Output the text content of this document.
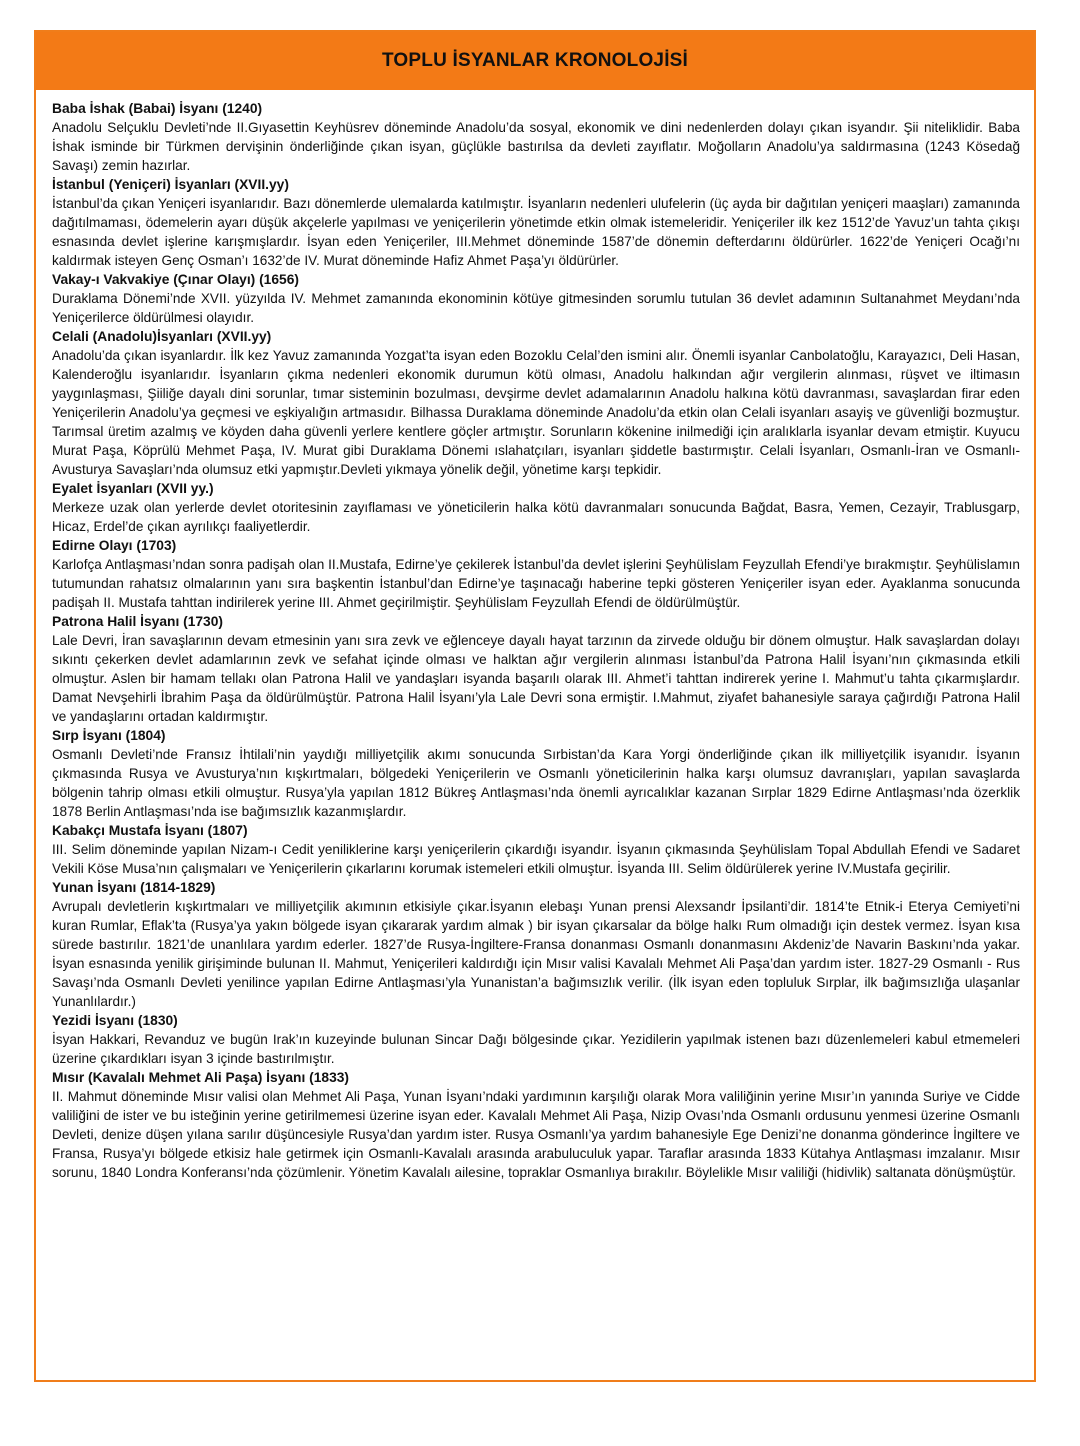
TOPLU İSYANLAR KRONOLOJİSİ
Baba İshak (Babai) İsyanı (1240)

Anadolu Selçuklu Devleti’nde II.Gıyasettin Keyhüsrev döneminde Anadolu’da sosyal, ekonomik ve dini nedenlerden dolayı çıkan isyandır. Şii niteliklidir. Baba İshak isminde bir Türkmen dervişinin önderliğinde çıkan isyan, güçlükle bastırılsa da devleti zayıflatır. Moğolların Anadolu’ya saldırmasına (1243 Kösedağ Savaşı) zemin hazırlar.

İstanbul (Yeniçeri) İsyanları (XVII.yy)

İstanbul’da çıkan Yeniçeri isyanlarıdır. Bazı dönemlerde ulemalarda katılmıştır. İsyanların nedenleri ulufelerin (üç ayda bir dağıtılan yeniçeri maaşları) zamanında dağıtılmaması, ödemelerin ayarı düşük akçelerle yapılması ve yeniçerilerin yönetimde etkin olmak istemeleridir. Yeniçeriler ilk kez 1512’de Yavuz’un tahta çıkışı esnasında devlet işlerine karışmışlardır. İsyan eden Yeniçeriler, III.Mehmet döneminde 1587’de dönemin defterdarını öldürürler. 1622’de Yeniçeri Ocağı’nı kaldırmak isteyen Genç Osman’ı 1632’de IV. Murat döneminde Hafiz Ahmet Paşa’yı öldürürler.

Vakay-ı Vakvakiye (Çınar Olayı) (1656)

Duraklama Dönemi’nde XVII. yüzyılda IV. Mehmet zamanında ekonominin kötüye gitmesinden sorumlu tutulan 36 devlet adamının Sultanahmet Meydanı’nda Yeniçerilerce öldürülmesi olayıdır.

Celali (Anadolu)İsyanları (XVII.yy)

Anadolu’da çıkan isyanlardır. İlk kez Yavuz zamanında Yozgat’ta isyan eden Bozoklu Celal’den ismini alır. Önemli isyanlar Canbolatoğlu, Karayazıcı, Deli Hasan, Kalenderoğlu isyanlarıdır. İsyanların çıkma nedenleri ekonomik durumun kötü olması, Anadolu halkından ağır vergilerin alınması, rüşvet ve iltimasın yaygınlaşması, Şiiliğe dayalı dini sorunlar, tımar sisteminin bozulması, devşirme devlet adamalarının Anadolu halkına kötü davranması, savaşlardan firar eden Yeniçerilerin Anadolu’ya geçmesi ve eşkiyalığın artmasıdır. Bilhassa Duraklama döneminde Anadolu’da etkin olan Celali isyanları asayiş ve güvenliği bozmuştur. Tarımsal üretim azalmış ve köyden daha güvenli yerlere kentlere göçler artmıştır. Sorunların kökenine inilmediği için aralıklarla isyanlar devam etmiştir. Kuyucu Murat Paşa, Köprülü Mehmet Paşa, IV. Murat gibi Duraklama Dönemi ıslahatçıları, isyanları şiddetle bastırmıştır. Celali İsyanları, Osmanlı-İran ve Osmanlı-Avusturya Savaşları’nda olumsuz etki yapmıştır.Devleti yıkmaya yönelik değil, yönetime karşı tepkidir.

Eyalet İsyanları (XVII yy.)

Merkeze uzak olan yerlerde devlet otoritesinin zayıflaması ve yöneticilerin halka kötü davranmaları sonucunda Bağdat, Basra, Yemen, Cezayir, Trablusgarp, Hicaz, Erdel’de çıkan ayrılıkçı faaliyetlerdir.

Edirne Olayı (1703)

Karlofça Antlaşması’ndan sonra padişah olan II.Mustafa, Edirne’ye çekilerek İstanbul’da devlet işlerini Şeyhülislam Feyzullah Efendi’ye bırakmıştır. Şeyhülislamın tutumundan rahatsız olmalarının yanı sıra başkentin İstanbul’dan Edirne’ye taşınacağı haberine tepki gösteren Yeniçeriler isyan eder. Ayaklanma sonucunda padişah II. Mustafa tahttan indirilerek yerine III. Ahmet geçirilmiştir. Şeyhülislam Feyzullah Efendi de öldürülmüştür.

Patrona Halil İsyanı (1730)

Lale Devri, İran savaşlarının devam etmesinin yanı sıra zevk ve eğlenceye dayalı hayat tarzının da zirvede olduğu bir dönem olmuştur. Halk savaşlardan dolayı sıkıntı çekerken devlet adamlarının zevk ve sefahat içinde olması ve halktan ağır vergilerin alınması İstanbul’da Patrona Halil İsyanı’nın çıkmasında etkili olmuştur. Aslen bir hamam tellakı olan Patrona Halil ve yandaşları isyanda başarılı olarak III. Ahmet’i tahttan indirerek yerine I. Mahmut’u tahta çıkarmışlardır. Damat Nevşehirli İbrahim Paşa da öldürülmüştür. Patrona Halil İsyanı’yla Lale Devri sona ermiştir. I.Mahmut, ziyafet bahanesiyle saraya çağırdığı Patrona Halil ve yandaşlarını ortadan kaldırmıştır.

Sırp İsyanı (1804)

Osmanlı Devleti’nde Fransız İhtilali’nin yaydığı milliyetçilik akımı sonucunda Sırbistan’da Kara Yorgi önderliğinde çıkan ilk milliyetçilik isyanıdır. İsyanın çıkmasında Rusya ve Avusturya’nın kışkırtmaları, bölgedeki Yeniçerilerin ve Osmanlı yöneticilerinin halka karşı olumsuz davranışları, yapılan savaşlarda bölgenin tahrip olması etkili olmuştur. Rusya’yla yapılan 1812 Bükreş Antlaşması’nda önemli ayrıcalıklar kazanan Sırplar 1829 Edirne Antlaşması’nda özerklik 1878 Berlin Antlaşması’nda ise bağımsızlık kazanmışlardır.

Kabakçı Mustafa İsyanı (1807)

III. Selim döneminde yapılan Nizam-ı Cedit yeniliklerine karşı yeniçerilerin çıkardığı isyandır. İsyanın çıkmasında Şeyhülislam Topal Abdullah Efendi ve Sadaret Vekili Köse Musa’nın çalışmaları ve Yeniçerilerin çıkarlarını korumak istemeleri etkili olmuştur. İsyanda III. Selim öldürülerek yerine IV.Mustafa geçirilir.

Yunan İsyanı (1814-1829)

Avrupalı devletlerin kışkırtmaları ve milliyetçilik akımının etkisiyle çıkar.İsyanın elebaşı Yunan prensi Alexsandr İpsilanti’dir. 1814’te Etnik-i Eterya Cemiyeti’ni kuran Rumlar, Eflak’ta (Rusya’ya yakın bölgede isyan çıkararak yardım almak ) bir isyan çıkarsalar da bölge halkı Rum olmadığı için destek vermez. İsyan kısa sürede bastırılır. 1821’de unanlılara yardım ederler. 1827’de Rusya-İngiltere-Fransa donanması Osmanlı donanmasını Akdeniz’de Navarin Baskını’nda yakar. İsyan esnasında yenilik girişiminde bulunan II. Mahmut, Yeniçerileri kaldırdığı için Mısır valisi Kavalalı Mehmet Ali Paşa’dan yardım ister. 1827-29 Osmanlı - Rus Savaşı’nda Osmanlı Devleti yenilince yapılan Edirne Antlaşması’yla Yunanistan’a bağımsızlık verilir. (İlk isyan eden topluluk Sırplar, ilk bağımsızlığa ulaşanlar Yunanlılardır.)

Yezidi İsyanı (1830)

İsyan Hakkari, Revanduz ve bugün Irak’ın kuzeyinde bulunan Sincar Dağı bölgesinde çıkar. Yezidilerin yapılmak istenen bazı düzenlemeleri kabul etmemeleri üzerine çıkardıkları isyan 3 içinde bastırılmıştır.

Mısır (Kavalalı Mehmet Ali Paşa) İsyanı (1833)

II. Mahmut döneminde Mısır valisi olan Mehmet Ali Paşa, Yunan İsyanı’ndaki yardımının karşılığı olarak Mora valiliğinin yerine Mısır’ın yanında Suriye ve Cidde valiliğini de ister ve bu isteğinin yerine getirilmemesi üzerine isyan eder. Kavalalı Mehmet Ali Paşa, Nizip Ovası’nda Osmanlı ordusunu yenmesi üzerine Osmanlı Devleti, denize düşen yılana sarılır düşüncesiyle Rusya’dan yardım ister. Rusya Osmanlı’ya yardım bahanesiyle Ege Denizi’ne donanma gönderince İngiltere ve Fransa, Rusya’yı bölgede etkisiz hale getirmek için Osmanlı-Kavalalı arasında arabuluculuk yapar. Taraflar arasında 1833 Kütahya Antlaşması imzalanır. Mısır sorunu, 1840 Londra Konferansı’nda çözümlenir. Yönetim Kavalalı ailesine, topraklar Osmanlıya bırakılır. Böylelikle Mısır valiliği (hidivlik) saltanata dönüşmüştür.
